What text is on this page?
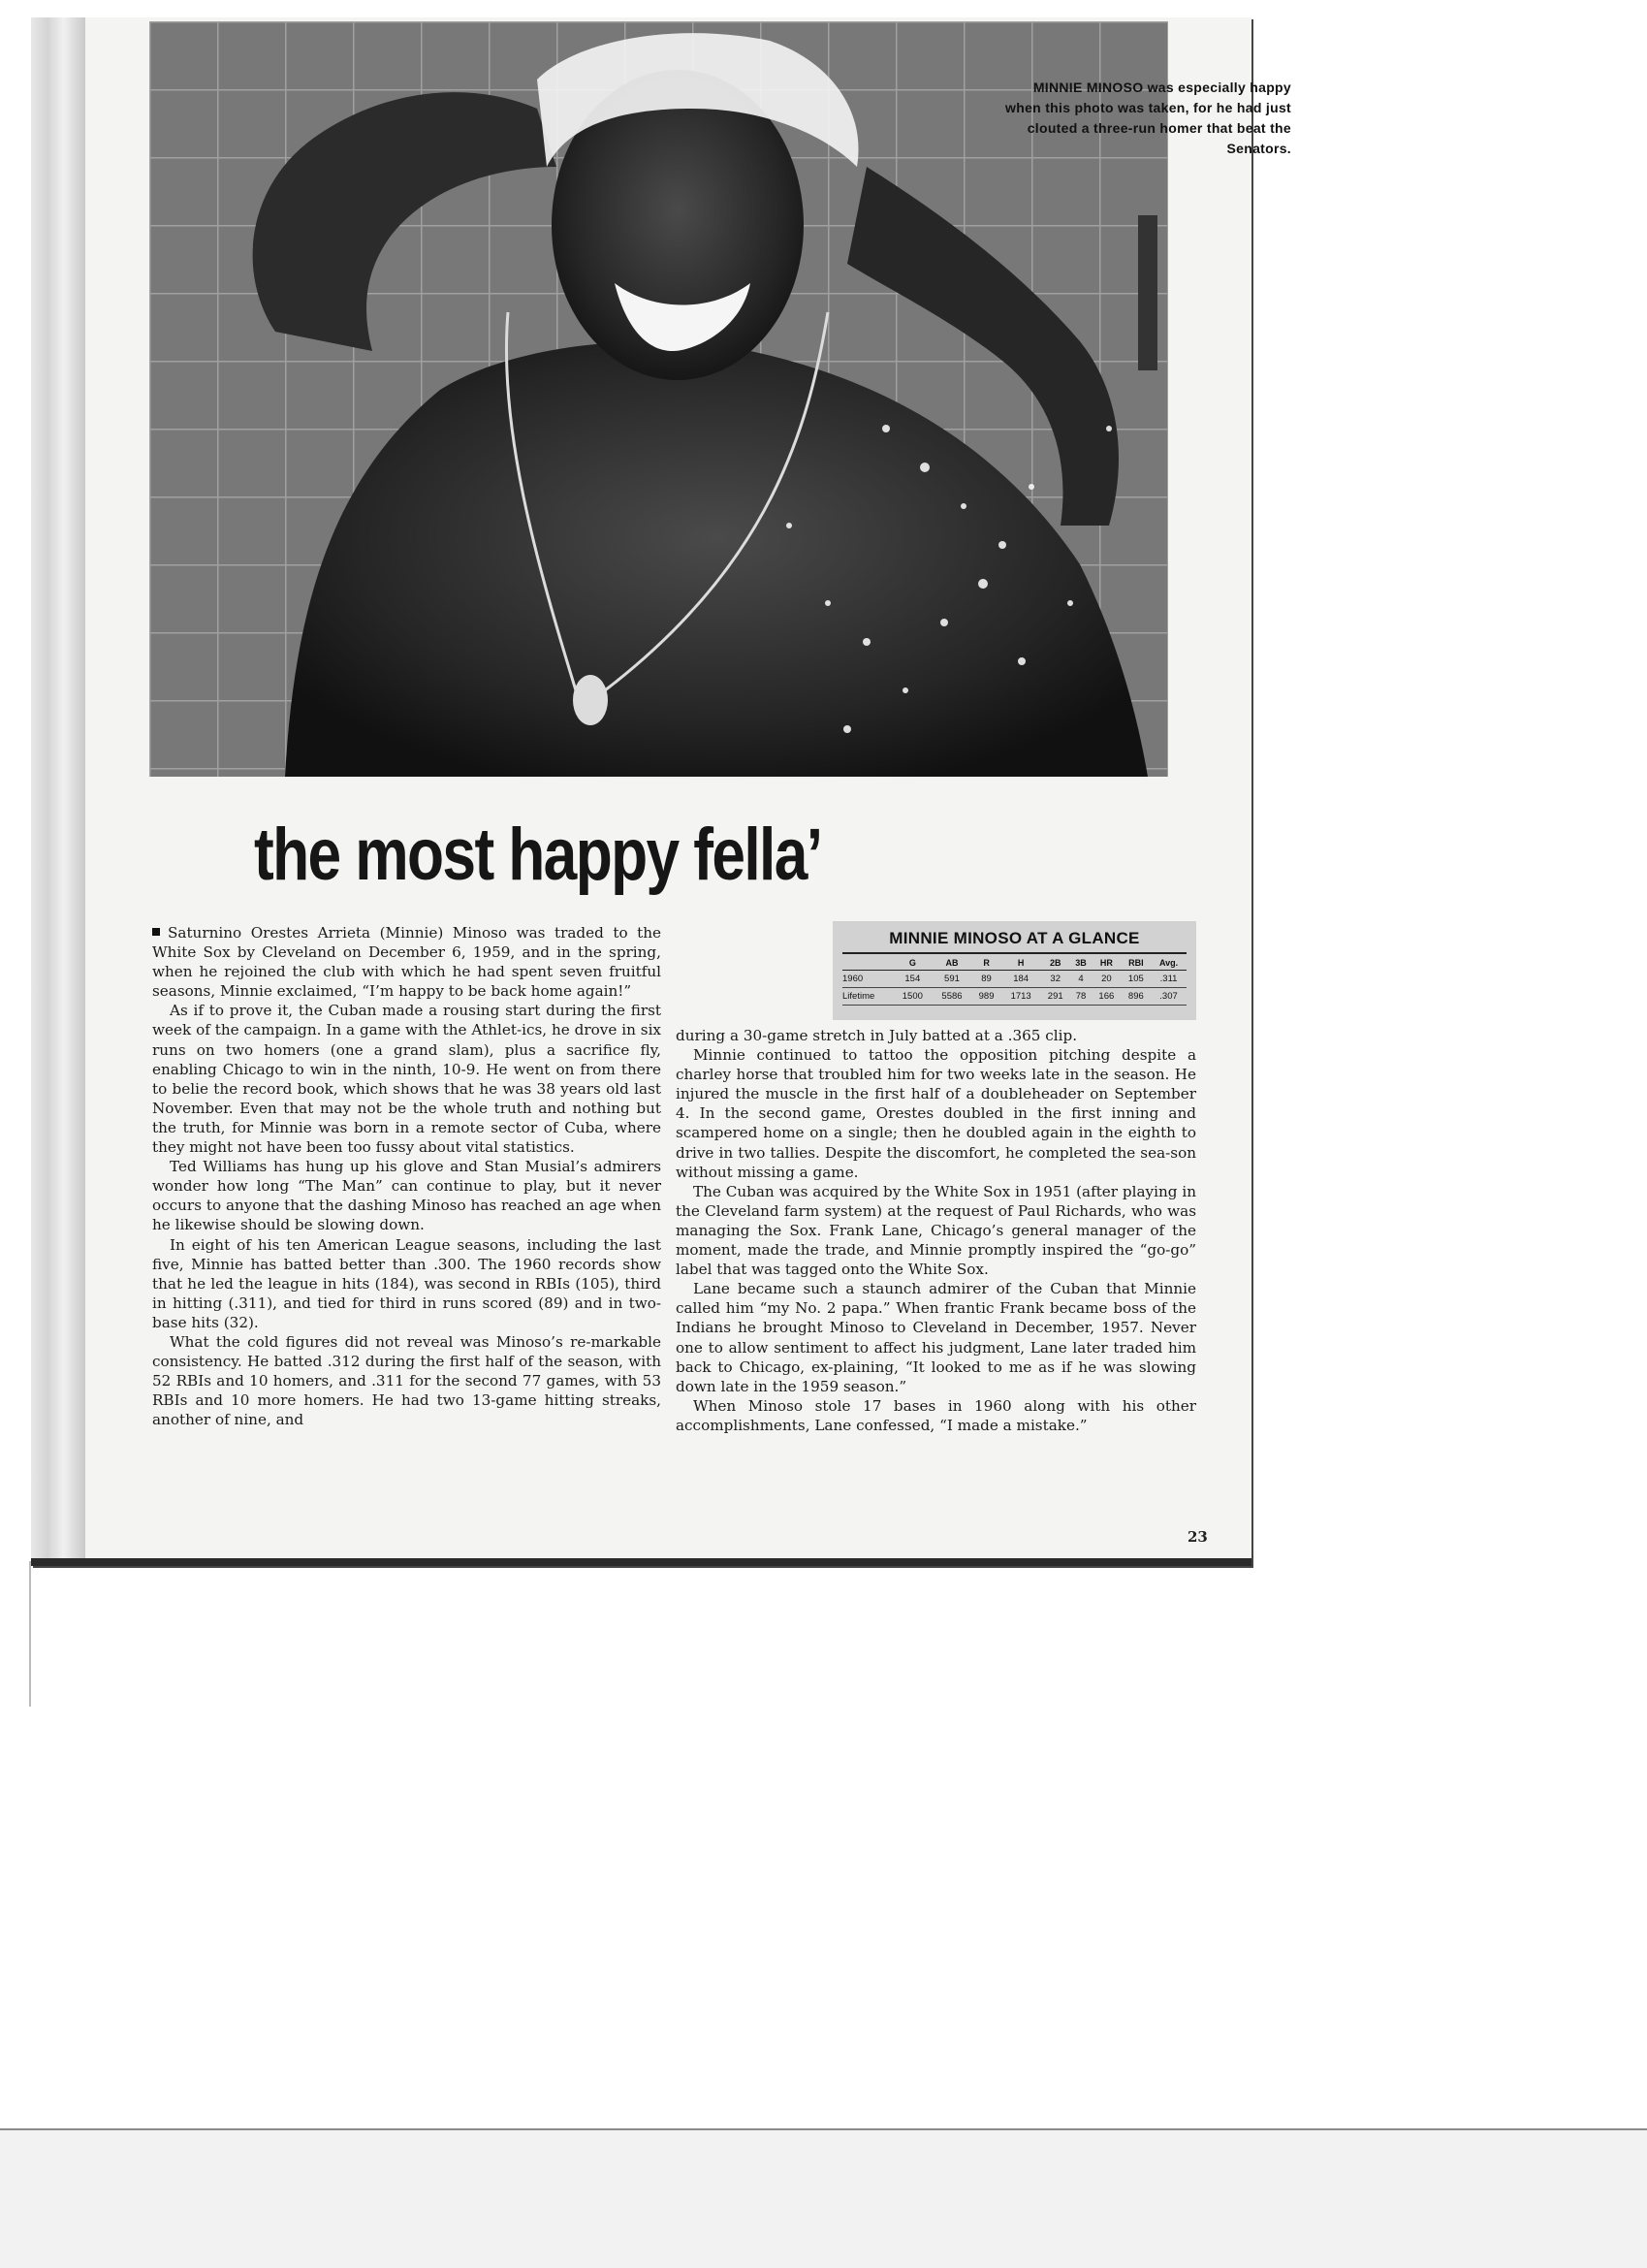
MINNIE MINOSO was especially happy when this photo was taken, for he had just clouted a three-run homer that beat the Senators.
the most happy fella’

Saturnino Orestes Arrieta (Minnie) Minoso was traded to the White Sox by Cleveland on December 6, 1959, and in the spring, when he rejoined the club with which he had spent seven fruitful seasons, Minnie exclaimed, “I’m happy to be back home again!”

As if to prove it, the Cuban made a rousing start during the first week of the campaign. In a game with the Athlet-ics, he drove in six runs on two homers (one a grand slam), plus a sacrifice fly, enabling Chicago to win in the ninth, 10-9. He went on from there to belie the record book, which shows that he was 38 years old last November. Even that may not be the whole truth and nothing but the truth, for Minnie was born in a remote sector of Cuba, where they might not have been too fussy about vital statistics.

Ted Williams has hung up his glove and Stan Musial’s admirers wonder how long “The Man” can continue to play, but it never occurs to anyone that the dashing Minoso has reached an age when he likewise should be slowing down.

In eight of his ten American League seasons, including the last five, Minnie has batted better than .300. The 1960 records show that he led the league in hits (184), was second in RBIs (105), third in hitting (.311), and tied for third in runs scored (89) and in two-base hits (32).

What the cold figures did not reveal was Minoso’s re-markable consistency. He batted .312 during the first half of the season, with 52 RBIs and 10 homers, and .311 for the second 77 games, with 53 RBIs and 10 more homers. He had two 13-game hitting streaks, another of nine, and

MINNIE MINOSO AT A GLANCE
	G	AB	R	H	2B	3B	HR	RBI	Avg.
1960	154	591	89	184	32	4	20	105	.311
Lifetime	1500	5586	989	1713	291	78	166	896	.307

during a 30-game stretch in July batted at a .365 clip.

Minnie continued to tattoo the opposition pitching despite a charley horse that troubled him for two weeks late in the season. He injured the muscle in the first half of a doubleheader on September 4. In the second game, Orestes doubled in the first inning and scampered home on a single; then he doubled again in the eighth to drive in two tallies. Despite the discomfort, he completed the sea-son without missing a game.

The Cuban was acquired by the White Sox in 1951 (after playing in the Cleveland farm system) at the request of Paul Richards, who was managing the Sox. Frank Lane, Chicago’s general manager of the moment, made the trade, and Minnie promptly inspired the “go-go” label that was tagged onto the White Sox.

Lane became such a staunch admirer of the Cuban that Minnie called him “my No. 2 papa.” When frantic Frank became boss of the Indians he brought Minoso to Cleveland in December, 1957. Never one to allow sentiment to affect his judgment, Lane later traded him back to Chicago, ex-plaining, “It looked to me as if he was slowing down late in the 1959 season.”

When Minoso stole 17 bases in 1960 along with his other accomplishments, Lane confessed, “I made a mistake.”

23
